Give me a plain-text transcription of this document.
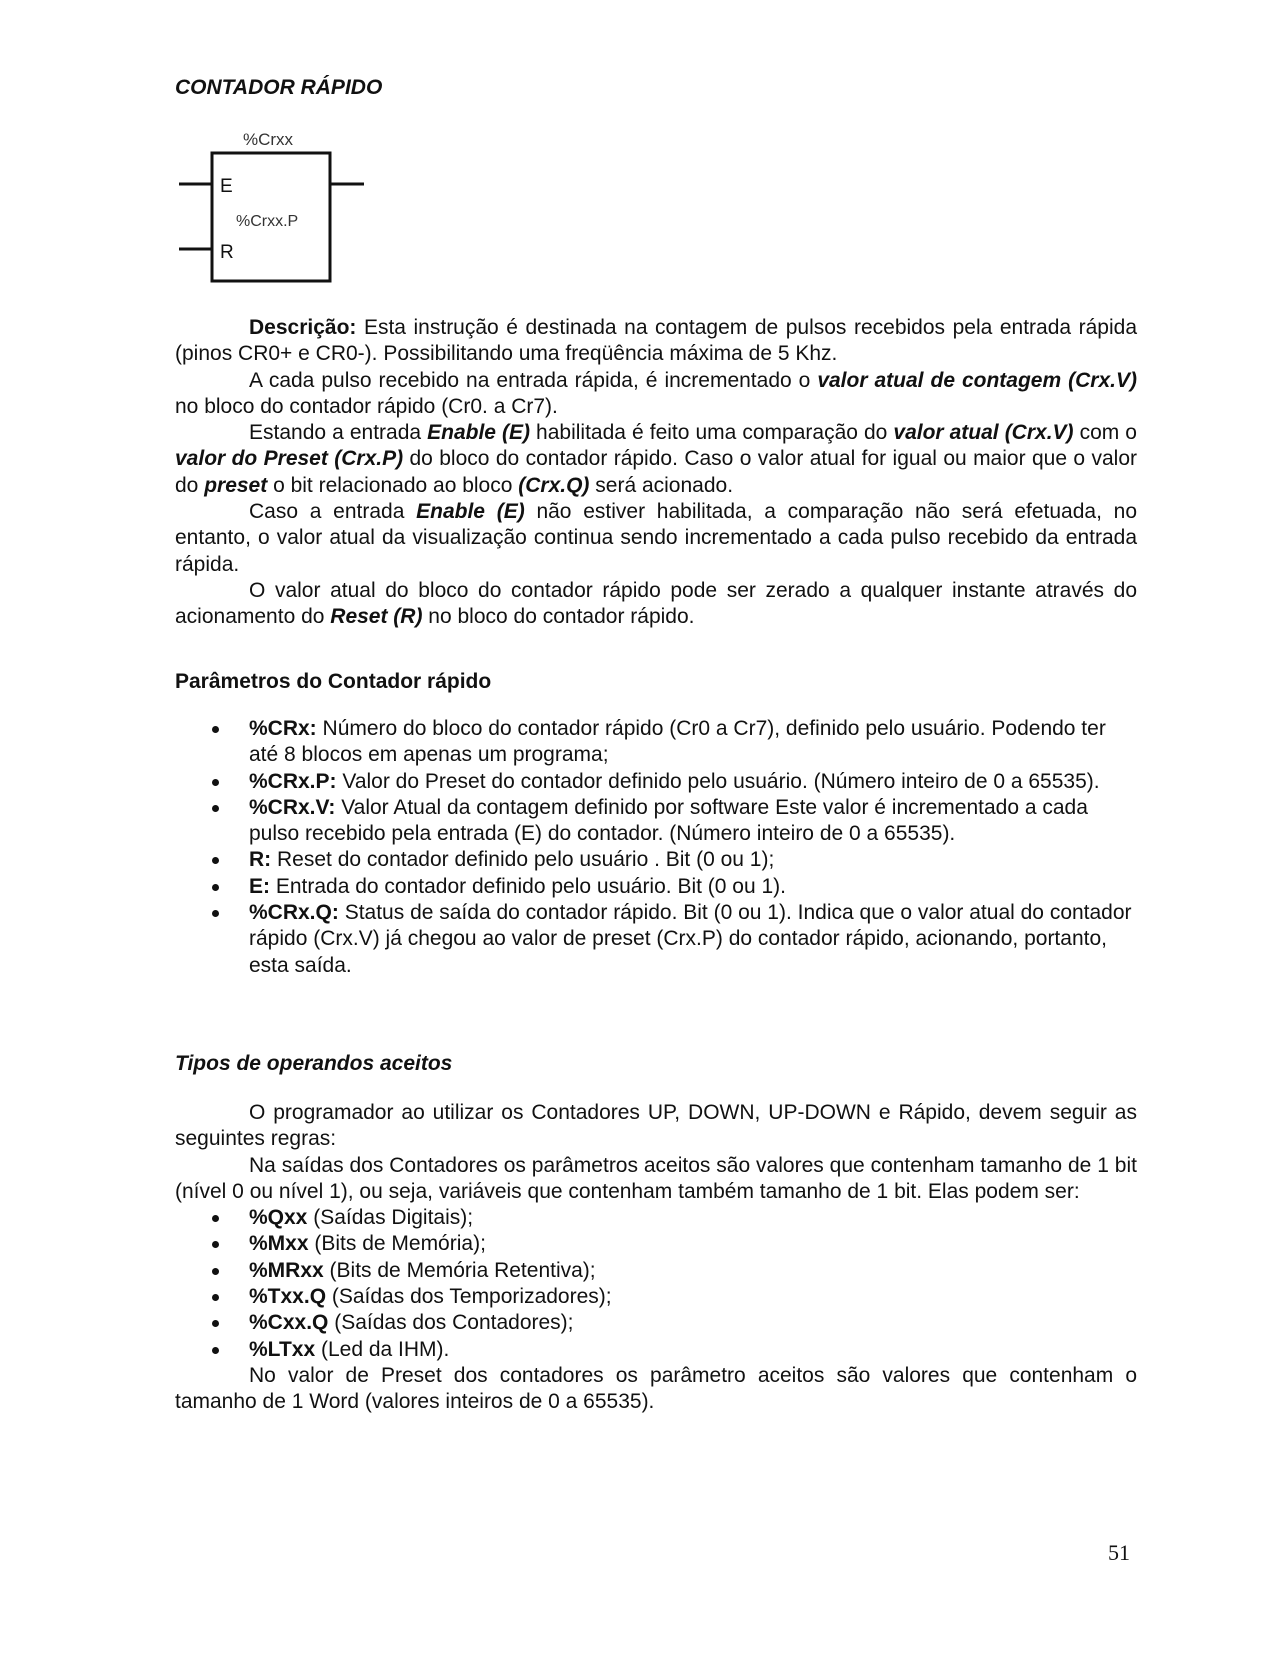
CONTADOR RÁPIDO
%Crxx
E
%Crxx.P
R

Descrição: Esta instrução é destinada na contagem de pulsos recebidos pela entrada rápida (pinos CR0+ e CR0-). Possibilitando uma freqüência máxima de 5 Khz.

A cada pulso recebido na entrada rápida, é incrementado o valor atual de contagem (Crx.V) no bloco do contador rápido (Cr0. a Cr7).

Estando a entrada Enable (E) habilitada é feito uma comparação do valor atual (Crx.V) com o valor do Preset (Crx.P) do bloco do contador rápido. Caso o valor atual for igual ou maior que o valor do preset o bit relacionado ao bloco (Crx.Q) será acionado.

Caso a entrada Enable (E) não estiver habilitada, a comparação não será efetuada, no entanto, o valor atual da visualização continua sendo incrementado a cada pulso recebido da entrada rápida.

O valor atual do bloco do contador rápido pode ser zerado a qualquer instante através do acionamento do Reset (R) no bloco do contador rápido.

Parâmetros do Contador rápido
%CRx: Número do bloco do contador rápido (Cr0 a Cr7), definido pelo usuário. Podendo ter até 8 blocos em apenas um programa;
%CRx.P: Valor do Preset do contador definido pelo usuário. (Número inteiro de 0 a 65535).
%CRx.V: Valor Atual da contagem definido por software Este valor é incrementado a cada pulso recebido pela entrada (E) do contador. (Número inteiro de 0 a 65535).
R: Reset do contador definido pelo usuário . Bit (0 ou 1);
E: Entrada do contador definido pelo usuário. Bit (0 ou 1).
%CRx.Q: Status de saída do contador rápido. Bit (0 ou 1). Indica que o valor atual do contador rápido (Crx.V) já chegou ao valor de preset (Crx.P) do contador rápido, acionando, portanto, esta saída.
Tipos de operandos aceitos

O programador ao utilizar os Contadores UP, DOWN, UP-DOWN e Rápido, devem seguir as seguintes regras:

Na saídas dos Contadores os parâmetros aceitos são valores que contenham tamanho de 1 bit (nível 0 ou nível 1), ou seja, variáveis que contenham também tamanho de 1 bit. Elas podem ser:

%Qxx (Saídas Digitais);
%Mxx (Bits de Memória);
%MRxx (Bits de Memória Retentiva);
%Txx.Q (Saídas dos Temporizadores);
%Cxx.Q (Saídas dos Contadores);
%LTxx (Led da IHM).

No valor de Preset dos contadores os parâmetro aceitos são valores que contenham o tamanho de 1 Word (valores inteiros de 0 a 65535).

51
